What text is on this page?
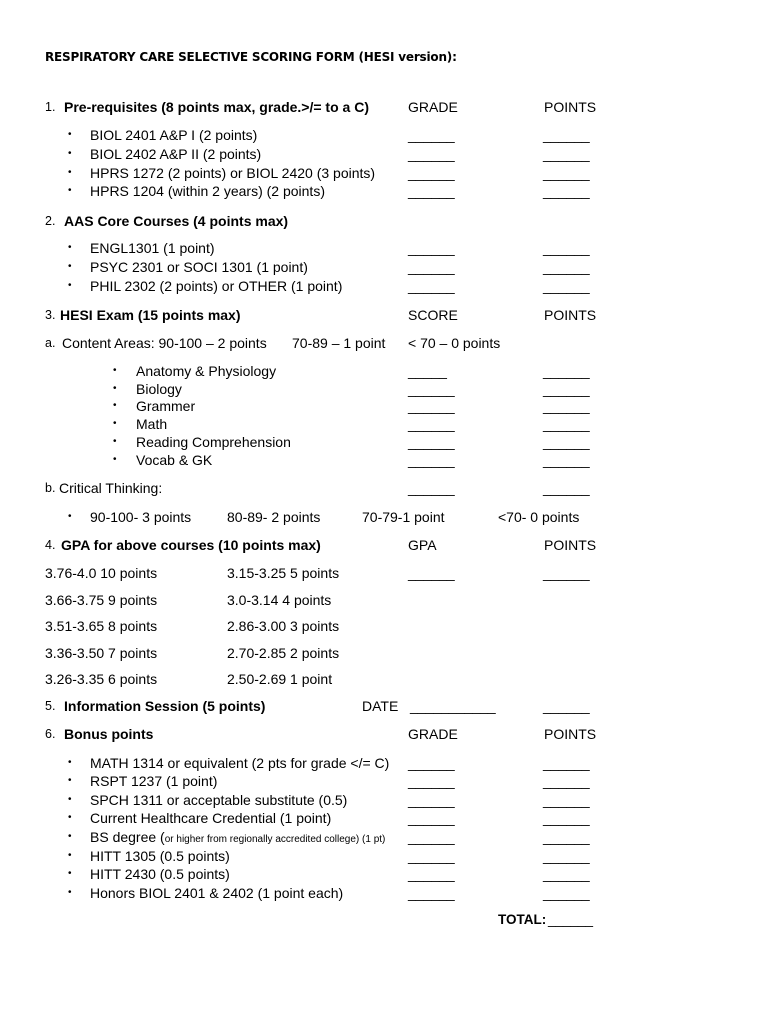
RESPIRATORY CARE SELECTIVE SCORING FORM (HESI version):
1. Pre-requisites (8 points max, grade.>/= to a C)	GRADE	POINTS
• BIOL 2401 A&P I (2 points)	______	______
• BIOL 2402 A&P II (2 points)	______	______
• HPRS 1272 (2 points) or BIOL 2420 (3 points) ______	______
• HPRS 1204 (within 2 years) (2 points)	______	______
2. AAS Core Courses (4 points max)
• ENGL1301 (1 point)	______	______
• PSYC 2301 or SOCI 1301 (1 point)	______	______
• PHIL 2302 (2 points) or OTHER (1 point)	______	______
3. HESI Exam (15 points max)	SCORE	POINTS
a. Content Areas: 90-100 – 2 points 70-89 – 1 point < 70 – 0 points
• Anatomy & Physiology	_____	______
• Biology	______	______
• Grammer	______	______
• Math	______	______
• Reading Comprehension	______	______
• Vocab & GK	______	______
b. Critical Thinking:	______	______
• 90-100- 3 points	80-89- 2 points	70-79-1 point	<70- 0 points
4. GPA for above courses (10 points max)	GPA	POINTS
3.76-4.0 10 points	3.15-3.25 5 points	______	______
3.66-3.75 9 points	3.0-3.14 4 points
3.51-3.65 8 points	2.86-3.00 3 points
3.36-3.50 7 points	2.70-2.85 2 points
3.26-3.35 6 points	2.50-2.69 1 point
5. Information Session (5 points)	DATE ___________	______
6. Bonus points	GRADE	POINTS
• MATH 1314 or equivalent (2 pts for grade </= C) ______	______
• RSPT 1237 (1 point)	______	______
• SPCH 1311 or acceptable substitute (0.5)	______	______
• Current Healthcare Credential (1 point)	______	______
• BS degree (or higher from regionally accredited college) (1 pt) ______	______
• HITT 1305 (0.5 points)	______	______
• HITT 2430 (0.5 points)	______	______
• Honors BIOL 2401 & 2402 (1 point each)	______	______
TOTAL: ______
